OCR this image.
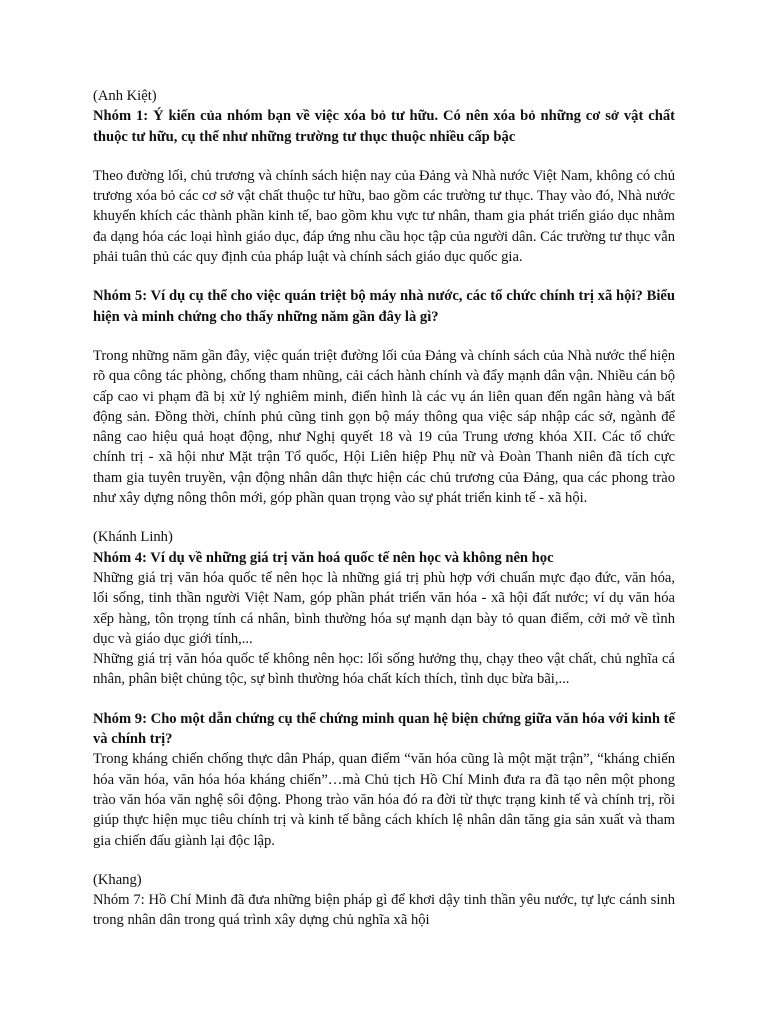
(Anh Kiệt)
Nhóm 1: Ý kiến của nhóm bạn về việc xóa bỏ tư hữu. Có nên xóa bỏ những cơ sở vật chất thuộc tư hữu, cụ thể như những trường tư thục thuộc nhiều cấp bậc
Theo đường lối, chủ trương và chính sách hiện nay của Đảng và Nhà nước Việt Nam, không có chủ trương xóa bỏ các cơ sở vật chất thuộc tư hữu, bao gồm các trường tư thục. Thay vào đó, Nhà nước khuyến khích các thành phần kinh tế, bao gồm khu vực tư nhân, tham gia phát triển giáo dục nhằm đa dạng hóa các loại hình giáo dục, đáp ứng nhu cầu học tập của người dân. Các trường tư thục vẫn phải tuân thủ các quy định của pháp luật và chính sách giáo dục quốc gia.
Nhóm 5: Ví dụ cụ thể cho việc quán triệt bộ máy nhà nước, các tổ chức chính trị xã hội? Biểu hiện và minh chứng cho thấy những năm gần đây là gì?
Trong những năm gần đây, việc quán triệt đường lối của Đảng và chính sách của Nhà nước thể hiện rõ qua công tác phòng, chống tham nhũng, cải cách hành chính và đẩy mạnh dân vận. Nhiều cán bộ cấp cao vi phạm đã bị xử lý nghiêm minh, điển hình là các vụ án liên quan đến ngân hàng và bất động sản. Đồng thời, chính phủ cũng tinh gọn bộ máy thông qua việc sáp nhập các sở, ngành để nâng cao hiệu quả hoạt động, như Nghị quyết 18 và 19 của Trung ương khóa XII. Các tổ chức chính trị - xã hội như Mặt trận Tổ quốc, Hội Liên hiệp Phụ nữ và Đoàn Thanh niên đã tích cực tham gia tuyên truyền, vận động nhân dân thực hiện các chủ trương của Đảng, qua các phong trào như xây dựng nông thôn mới, góp phần quan trọng vào sự phát triển kinh tế - xã hội.
(Khánh Linh)
Nhóm 4: Ví dụ về những giá trị văn hoá quốc tế nên học và không nên học
Những giá trị văn hóa quốc tế nên học là những giá trị phù hợp với chuẩn mực đạo đức, văn hóa, lối sống, tinh thần người Việt Nam, góp phần phát triển văn hóa - xã hội đất nước; ví dụ văn hóa xếp hàng, tôn trọng tính cá nhân, bình thường hóa sự mạnh dạn bày tỏ quan điểm, cởi mở về tình dục và giáo dục giới tính,...
Những giá trị văn hóa quốc tế không nên học: lối sống hưởng thụ, chạy theo vật chất, chủ nghĩa cá nhân, phân biệt chủng tộc, sự bình thường hóa chất kích thích, tình dục bừa bãi,...
Nhóm 9: Cho một dẫn chứng cụ thể chứng minh quan hệ biện chứng giữa văn hóa với kinh tế và chính trị?
Trong kháng chiến chống thực dân Pháp, quan điểm “văn hóa cũng là một mặt trận”, “kháng chiến hóa văn hóa, văn hóa hóa kháng chiến”…mà Chủ tịch Hồ Chí Minh đưa ra đã tạo nên một phong trào văn hóa văn nghệ sôi động. Phong trào văn hóa đó ra đời từ thực trạng kinh tế và chính trị, rồi giúp thực hiện mục tiêu chính trị và kinh tế bằng cách khích lệ nhân dân tăng gia sản xuất và tham gia chiến đấu giành lại độc lập.
(Khang)
Nhóm 7: Hồ Chí Minh đã đưa những biện pháp gì để khơi dậy tinh thần yêu nước, tự lực cánh sinh trong nhân dân trong quá trình xây dựng chủ nghĩa xã hội
